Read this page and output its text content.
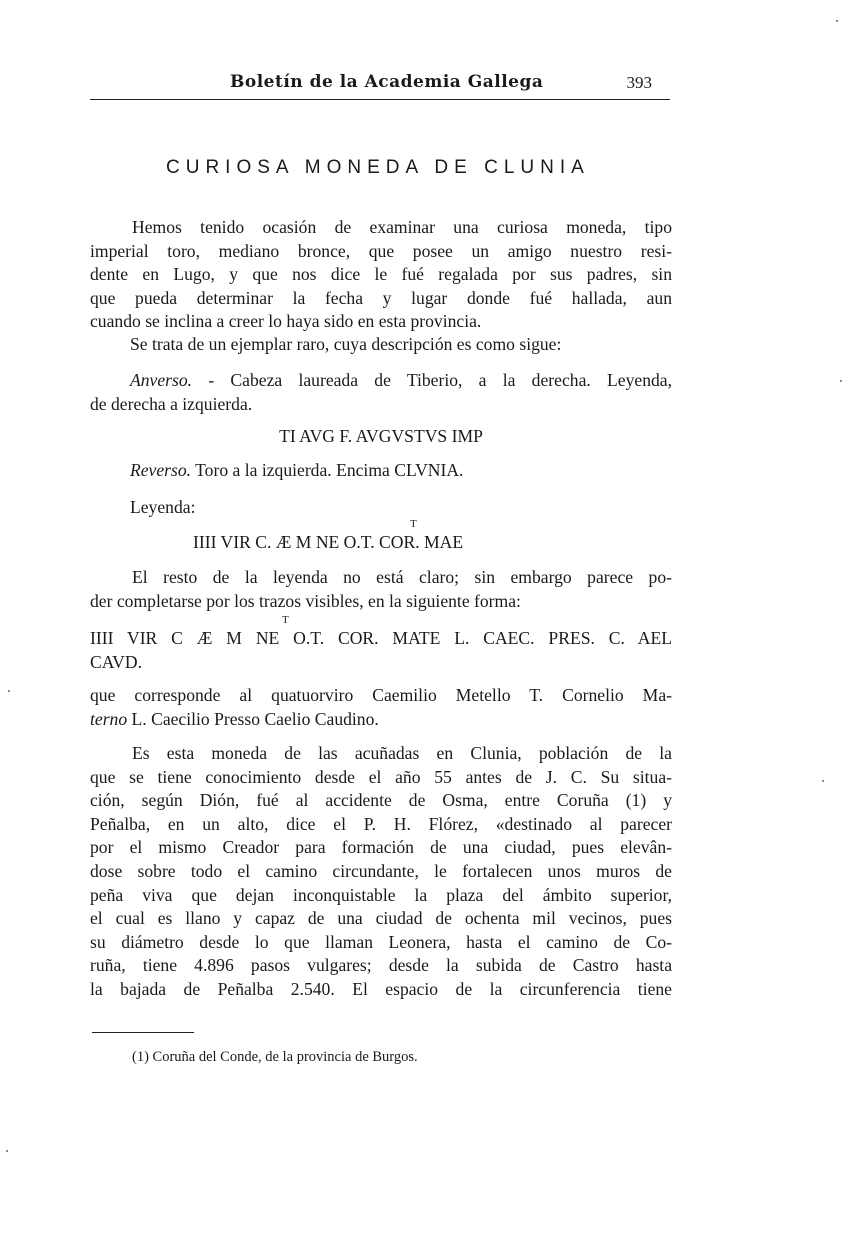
Boletín de la Academia Gallega	393
CURIOSA MONEDA DE CLUNIA
Hemos tenido ocasión de examinar una curiosa moneda, tipo
imperial toro, mediano bronce, que posee un amigo nuestro resi-
dente en Lugo, y que nos dice le fué regalada por sus padres, sin
que pueda determinar la fecha y lugar donde fué hallada, aun
cuando se inclina a creer lo haya sido en esta provincia.
Se trata de un ejemplar raro, cuya descripción es como sigue:
Anverso. - Cabeza laureada de Tiberio, a la derecha. Leyenda,
de derecha a izquierda.
TI AVG F. AVGVSTVS IMP
Reverso. Toro a la izquierda. Encima CLVNIA.
Leyenda:
T
IIII VIR C. Æ M NE O.T. COR. MAE
El resto de la leyenda no está claro; sin embargo parece po-
der completarse por los trazos visibles, en la siguiente forma:
T
IIII VIR C Æ M NE O.T. COR. MATE L. CAEC. PRES. C. AEL
CAVD.
que corresponde al quatuorviro Caemilio Metello T. Cornelio Ma-
terno L. Caecilio Presso Caelio Caudino.
Es esta moneda de las acuñadas en Clunia, población de la
que se tiene conocimiento desde el año 55 antes de J. C. Su situa-
ción, según Dión, fué al accidente de Osma, entre Coruña (1) y
Peñalba, en un alto, dice el P. H. Flórez, «destinado al parecer
por el mismo Creador para formación de una ciudad, pues elevân-
dose sobre todo el camino circundante, le fortalecen unos muros de
peña viva que dejan inconquistable la plaza del ámbito superior,
el cual es llano y capaz de una ciudad de ochenta mil vecinos, pues
su diámetro desde lo que llaman Leonera, hasta el camino de Co-
ruña, tiene 4.896 pasos vulgares; desde la subida de Castro hasta
la bajada de Peñalba 2.540. El espacio de la circunferencia tiene
(1) Coruña del Conde, de la provincia de Burgos.
